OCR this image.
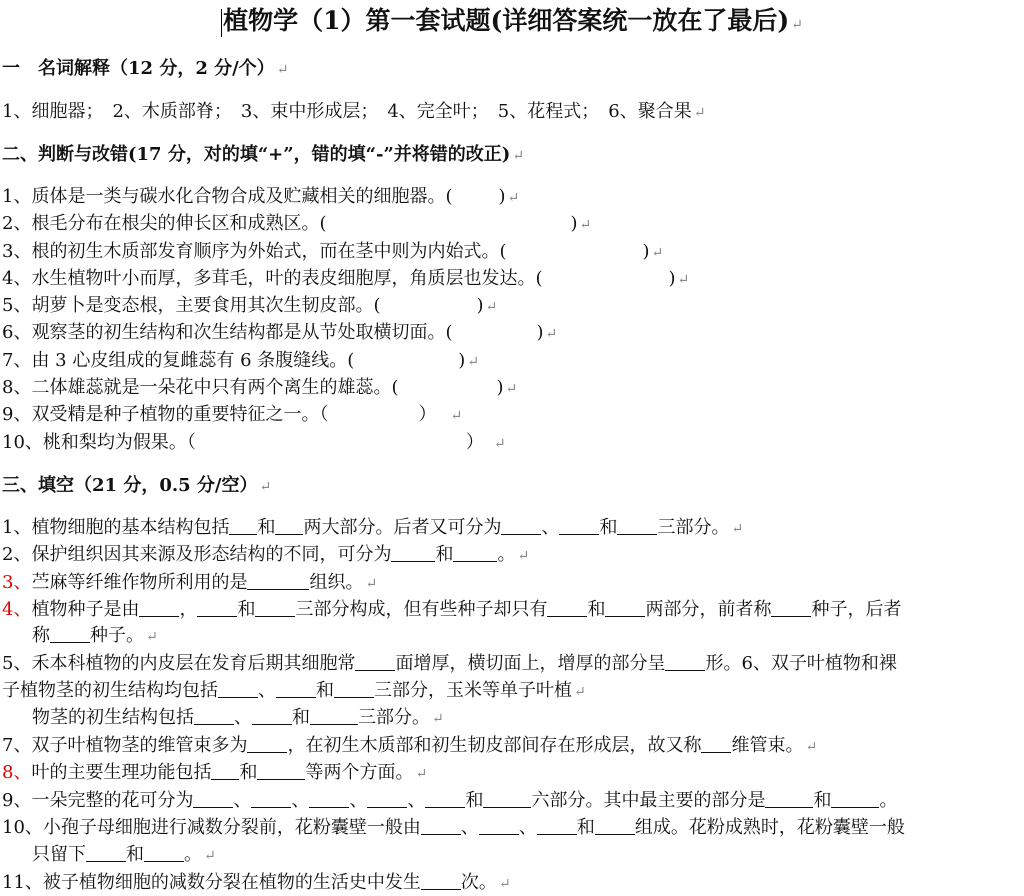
植物学（1）第一套试题(详细答案统一放在了最后) ↵
一　名词解释（12 分，2 分/个） ↵
1、细胞器；　2、木质部脊；　3、束中形成层；　4、完全叶；　5、花程式；　6、聚合果 ↵
二、判断与改错(17 分，对的填“+”，错的填“-”并将错的改正) ↵
1、质体是一类与碳水化合物合成及贮藏相关的细胞器。(	) ↵
2、根毛分布在根尖的伸长区和成熟区。(	) ↵
3、根的初生木质部发育顺序为外始式，而在茎中则为内始式。(	) ↵
4、水生植物叶小而厚，多茸毛，叶的表皮细胞厚，角质层也发达。(	) ↵
5、胡萝卜是变态根，主要食用其次生韧皮部。(	) ↵
6、观察茎的初生结构和次生结构都是从节处取横切面。(	) ↵
7、由 3 心皮组成的复雌蕊有 6 条腹缝线。(	) ↵
8、二体雄蕊就是一朵花中只有两个离生的雄蕊。(	) ↵
9、双受精是种子植物的重要特征之一。（	） ↵
10、桃和梨均为假果。（	） ↵
三、填空（21 分，0.5 分/空） ↵
1、植物细胞的基本结构包括 和 两大部分。后者又可分为 、 和 三部分。 ↵
2、保护组织因其来源及形态结构的不同，可分为 和 。 ↵
3、苎麻等纤维作物所利用的是	组织。 ↵
4、植物种子是由 ， 和 三部分构成，但有些种子却只有 和 两部分，前者称 种子，后者
称 种子。 ↵
5、禾本科植物的内皮层在发育后期其细胞常 面增厚，横切面上，增厚的部分呈 形。6、双子叶植物和裸
子植物茎的初生结构均包括 、 和 三部分，玉米等单子叶植 ↵
物茎的初生结构包括 、 和	三部分。 ↵
7、双子叶植物茎的维管束多为 ，在初生木质部和初生韧皮部间存在形成层，故又称 维管束。 ↵
8、叶的主要生理功能包括 和	等两个方面。 ↵
9、一朵完整的花可分为 、 、 、 、 和	六部分。其中最主要的部分是	和	。
10、小孢子母细胞进行减数分裂前，花粉囊壁一般由 、 、 和 组成。花粉成熟时，花粉囊壁一般
只留下 和 。 ↵
11、被子植物细胞的减数分裂在植物的生活史中发生 次。 ↵
